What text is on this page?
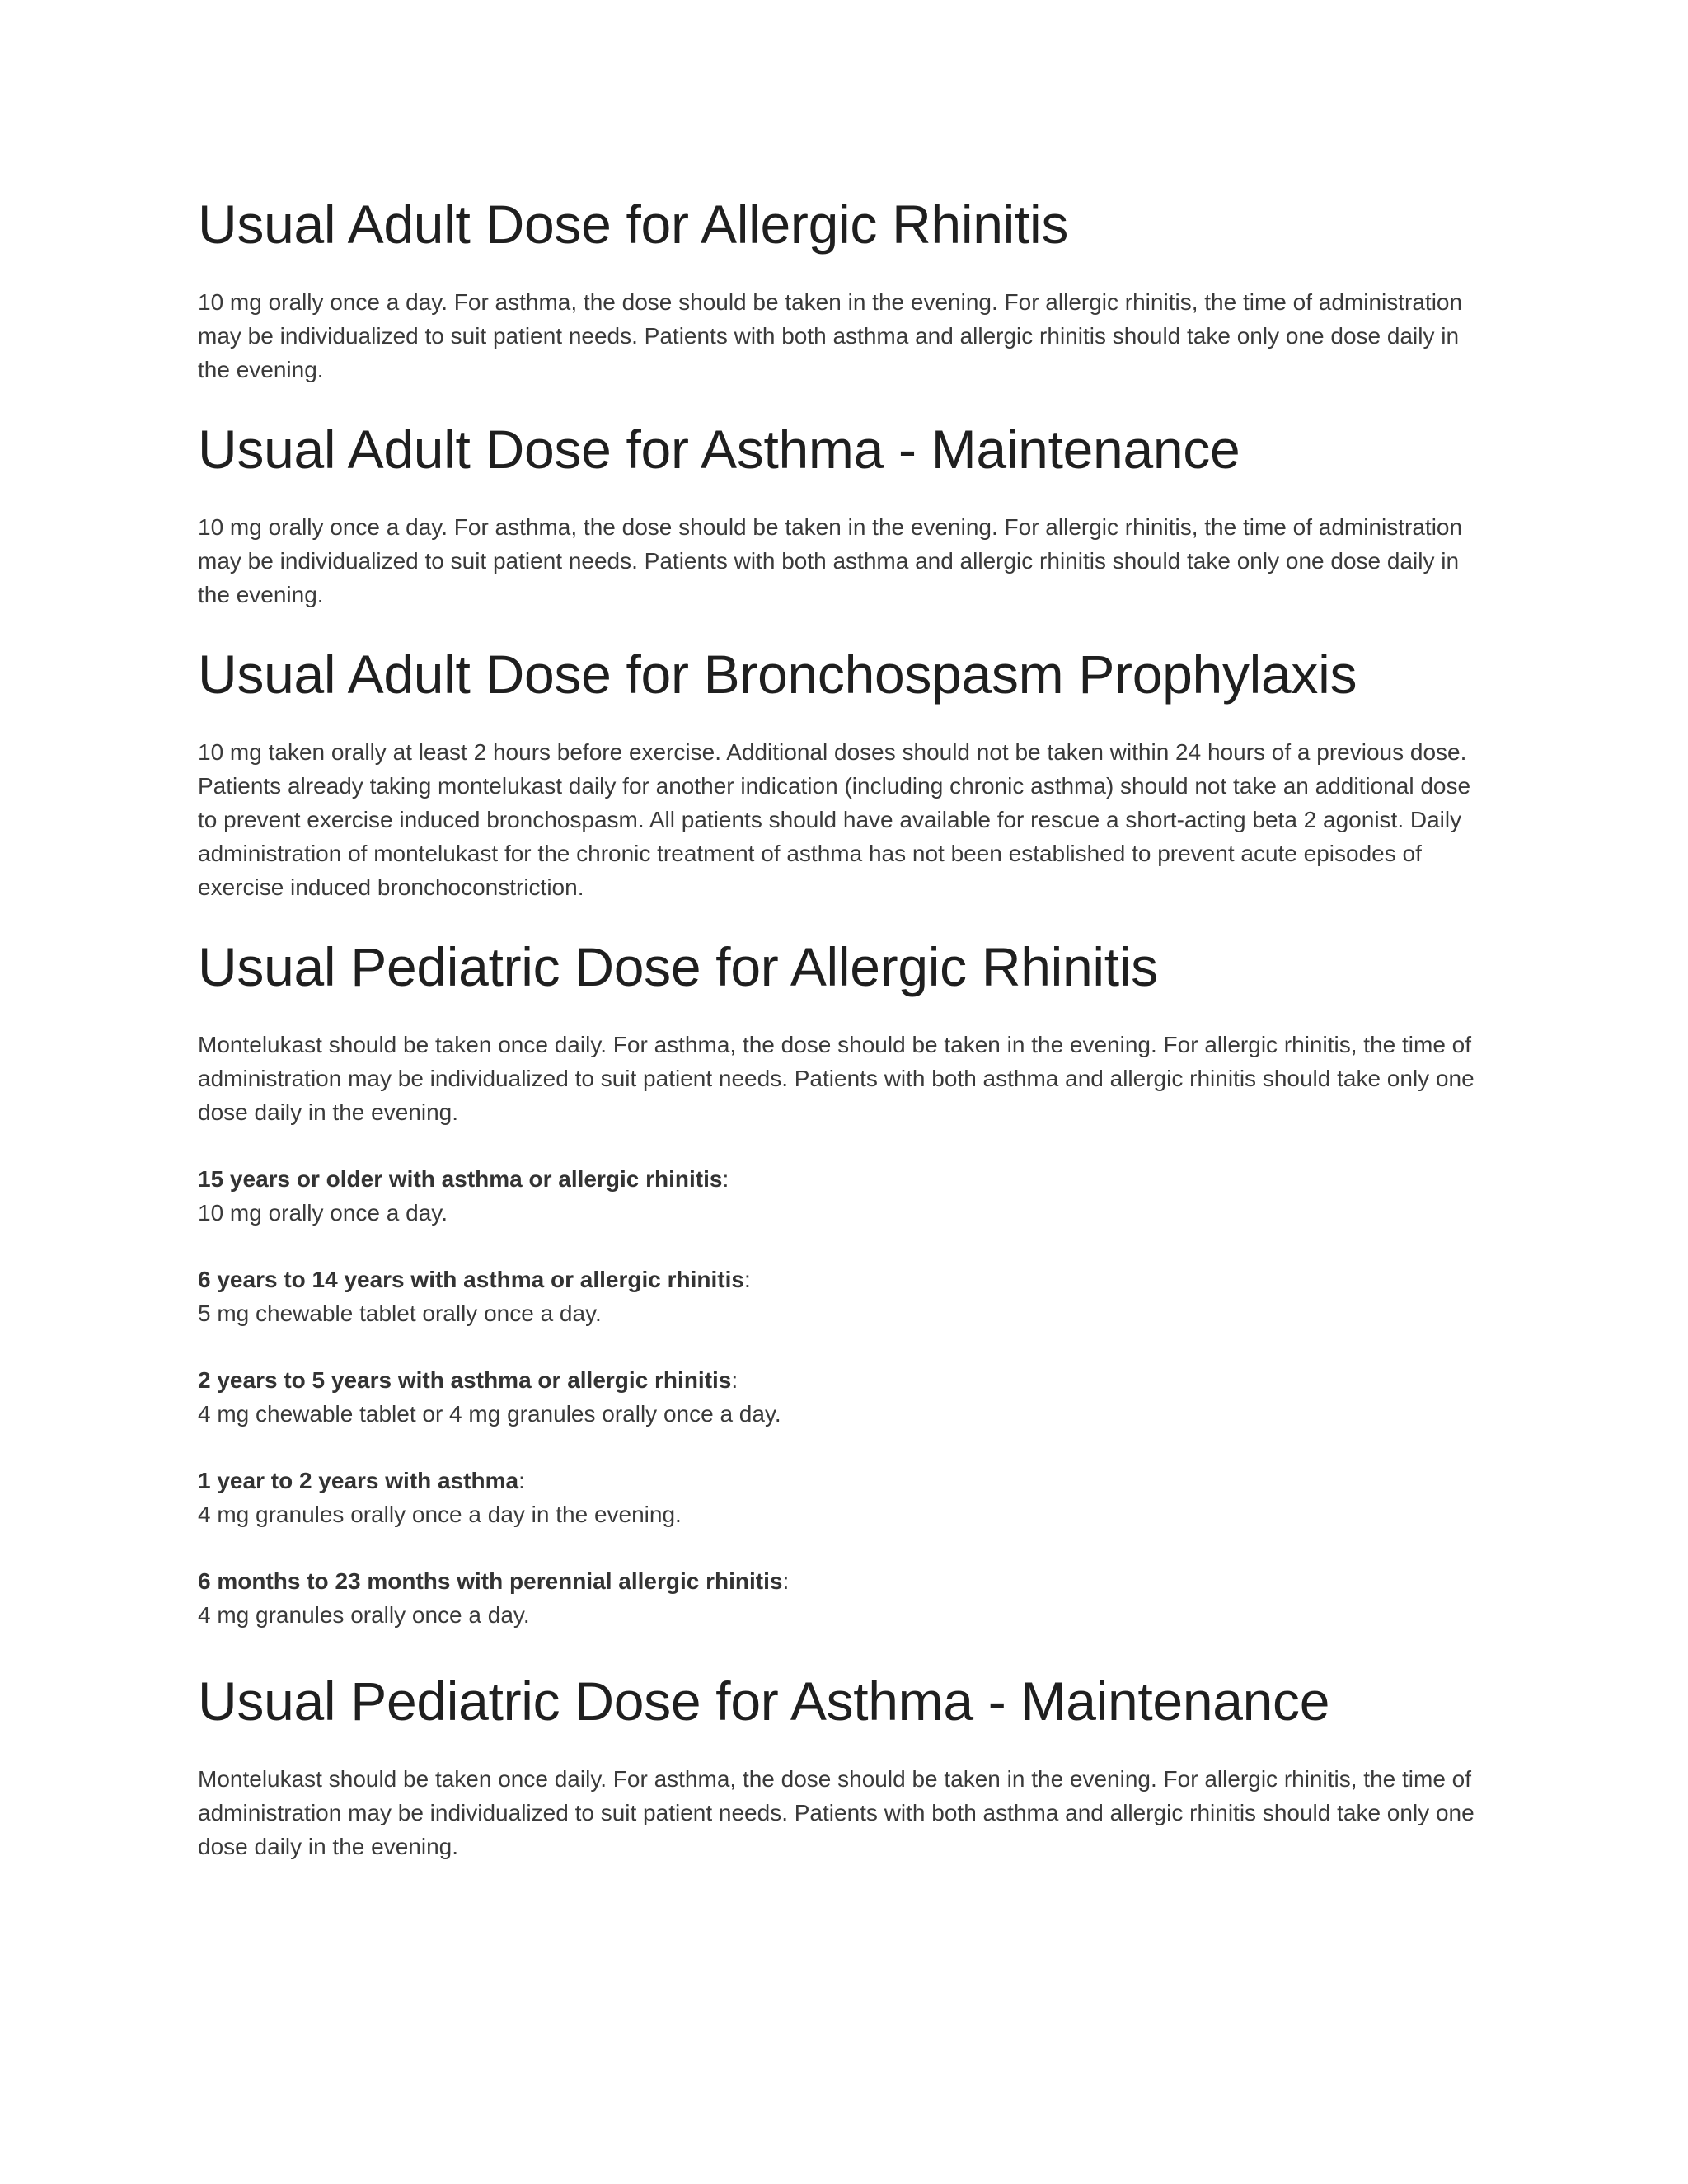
Usual Adult Dose for Allergic Rhinitis

10 mg orally once a day. For asthma, the dose should be taken in the evening. For allergic rhinitis, the time of administration may be individualized to suit patient needs. Patients with both asthma and allergic rhinitis should take only one dose daily in the evening.

Usual Adult Dose for Asthma - Maintenance

10 mg orally once a day. For asthma, the dose should be taken in the evening. For allergic rhinitis, the time of administration may be individualized to suit patient needs. Patients with both asthma and allergic rhinitis should take only one dose daily in the evening.

Usual Adult Dose for Bronchospasm Prophylaxis

10 mg taken orally at least 2 hours before exercise. Additional doses should not be taken within 24 hours of a previous dose. Patients already taking montelukast daily for another indication (including chronic asthma) should not take an additional dose to prevent exercise induced bronchospasm. All patients should have available for rescue a short-acting beta 2 agonist. Daily administration of montelukast for the chronic treatment of asthma has not been established to prevent acute episodes of exercise induced bronchoconstriction.

Usual Pediatric Dose for Allergic Rhinitis

Montelukast should be taken once daily. For asthma, the dose should be taken in the evening. For allergic rhinitis, the time of administration may be individualized to suit patient needs. Patients with both asthma and allergic rhinitis should take only one dose daily in the evening.

15 years or older with asthma or allergic rhinitis:
10 mg orally once a day.
6 years to 14 years with asthma or allergic rhinitis:
5 mg chewable tablet orally once a day.
2 years to 5 years with asthma or allergic rhinitis:
4 mg chewable tablet or 4 mg granules orally once a day.
1 year to 2 years with asthma:
4 mg granules orally once a day in the evening.
6 months to 23 months with perennial allergic rhinitis:
4 mg granules orally once a day.
Usual Pediatric Dose for Asthma - Maintenance

Montelukast should be taken once daily. For asthma, the dose should be taken in the evening. For allergic rhinitis, the time of administration may be individualized to suit patient needs. Patients with both asthma and allergic rhinitis should take only one dose daily in the evening.
